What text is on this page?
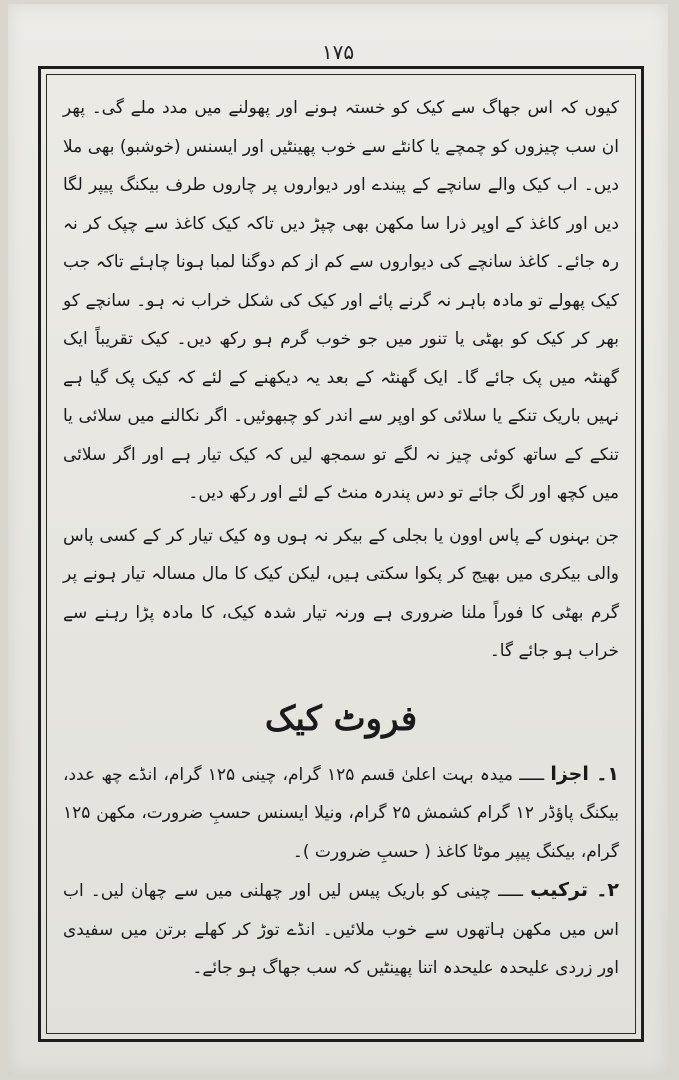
۱۷۵

کیوں کہ اس جھاگ سے کیک کو خستہ ہونے اور پھولنے میں مدد ملے گی۔ پھر ان سب چیزوں کو چمچے یا کانٹے سے خوب پھینٹیں اور ایسنس (خوشبو) بھی ملا دیں۔ اب کیک والے سانچے کے پیندے اور دیواروں پر چاروں طرف بیکنگ پیپر لگا دیں اور کاغذ کے اوپر ذرا سا مکھن بھی چپڑ دیں تاکہ کیک کاغذ سے چپک کر نہ رہ جائے۔ کاغذ سانچے کی دیواروں سے کم از کم دوگنا لمبا ہونا چاہئے تاکہ جب کیک پھولے تو مادہ باہر نہ گرنے پائے اور کیک کی شکل خراب نہ ہو۔ سانچے کو بھر کر کیک کو بھٹی یا تنور میں جو خوب گرم ہو رکھ دیں۔ کیک تقریباً ایک گھنٹہ میں پک جائے گا۔ ایک گھنٹہ کے بعد یہ دیکھنے کے لئے کہ کیک پک گیا ہے نہیں باریک تنکے یا سلائی کو اوپر سے اندر کو چبھوئیں۔ اگر نکالنے میں سلائی یا تنکے کے ساتھ کوئی چیز نہ لگے تو سمجھ لیں کہ کیک تیار ہے اور اگر سلائی میں کچھ اور لگ جائے تو دس پندرہ منٹ کے لئے اور رکھ دیں۔

جن بہنوں کے پاس اوون یا بجلی کے بیکر نہ ہوں وہ کیک تیار کر کے کسی پاس والی بیکری میں بھیج کر پکوا سکتی ہیں، لیکن کیک کا مال مسالہ تیار ہونے پر گرم بھٹی کا فوراً ملنا ضروری ہے ورنہ تیار شدہ کیک، کا مادہ پڑا رہنے سے خراب ہو جائے گا۔

فروٹ کیک

۱۔ اجزا ـــــ میدہ بہت اعلیٰ قسم ۱۲۵ گرام، چینی ۱۲۵ گرام، انڈے چھ عدد، بیکنگ پاؤڈر ۱۲ گرام کشمش ۲۵ گرام، ونیلا ایسنس حسبِ ضرورت، مکھن ۱۲۵ گرام، بیکنگ پیپر موٹا کاغذ ( حسبِ ضرورت )۔

۲۔ ترکیب ـــــ چینی کو باریک پیس لیں اور چھلنی میں سے چھان لیں۔ اب اس میں مکھن ہاتھوں سے خوب ملائیں۔ انڈے توڑ کر کھلے برتن میں سفیدی اور زردی علیحدہ علیحدہ اتنا پھینٹیں کہ سب جھاگ ہو جائے۔
